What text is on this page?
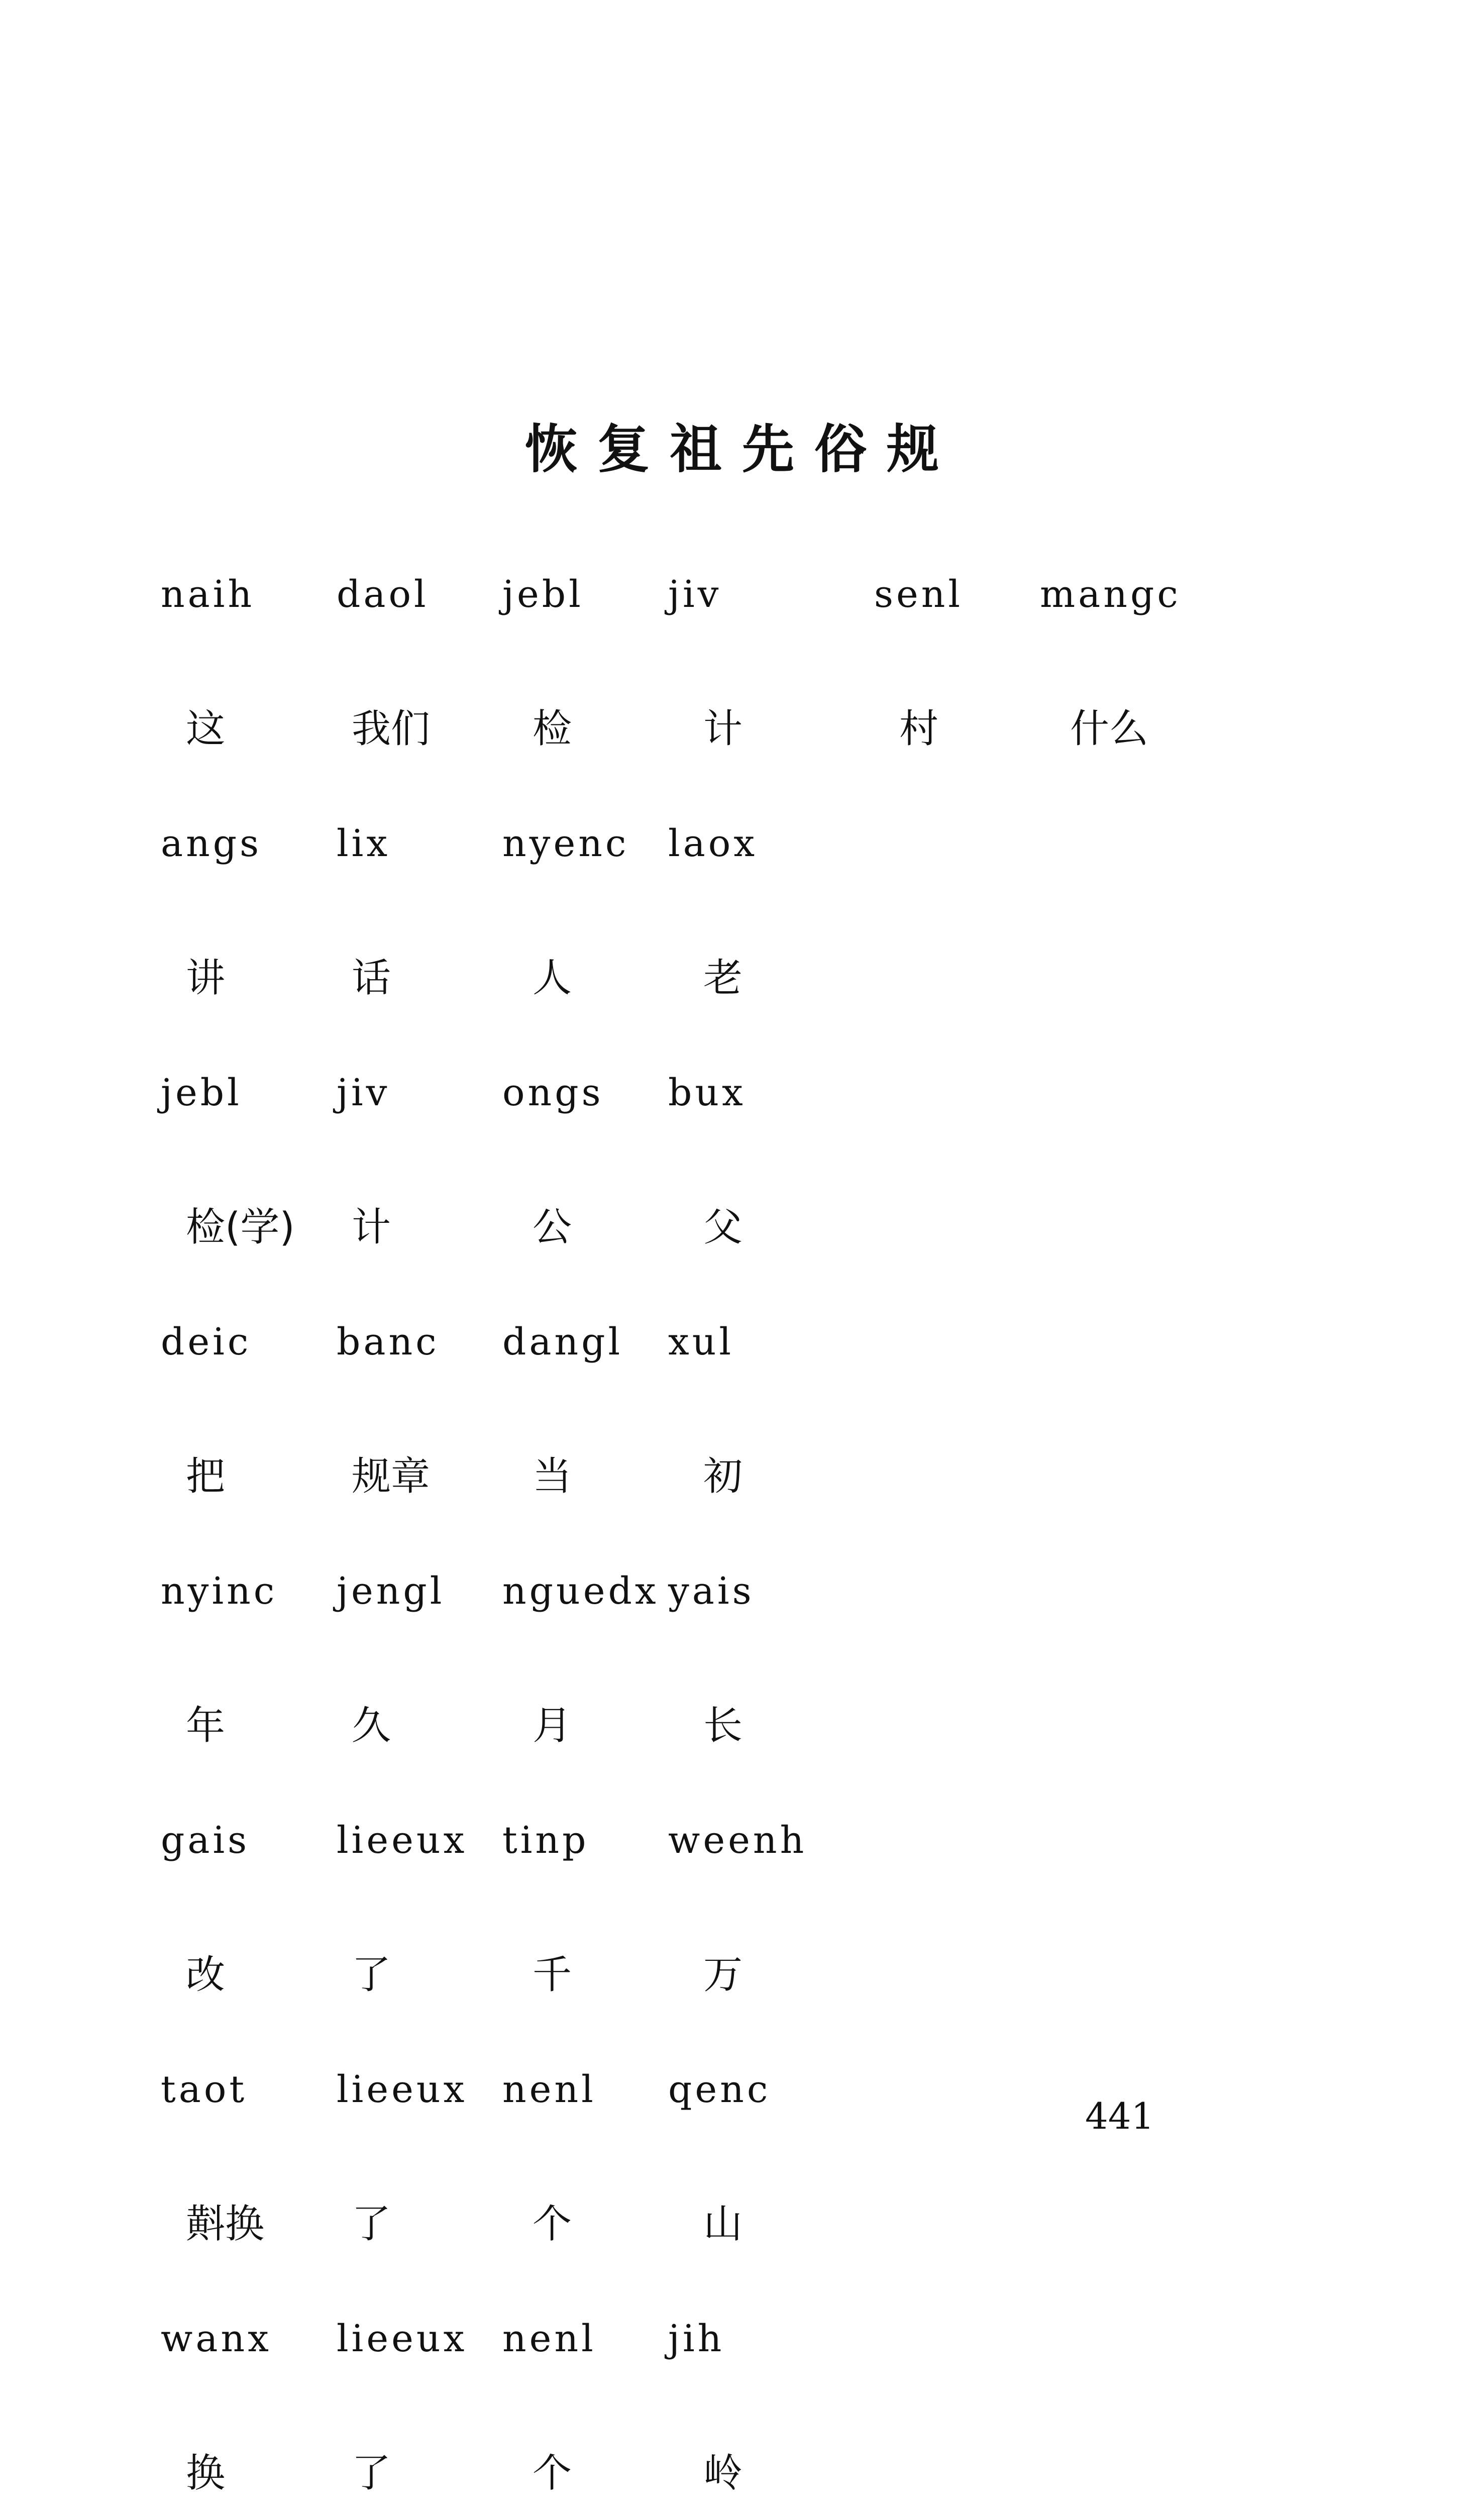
恢复祖先俗规
naih daol jebl jiv	senl mangc
这	我们	检	计	村	什么
angs lix	nyenc laox
讲	话	人	老
jebl	jiv	ongs bux
检(学) 计	公	父
deic banc dangl xul
把	规章	当	初
nyinc jengl nguedx yais
年	久	月	长
gais lieeux tinp weenh
改	了	千	万
taot lieeux nenl qenc
斢换 了	个	山
wanx lieeux nenl jih
换	了	个	岭
441
